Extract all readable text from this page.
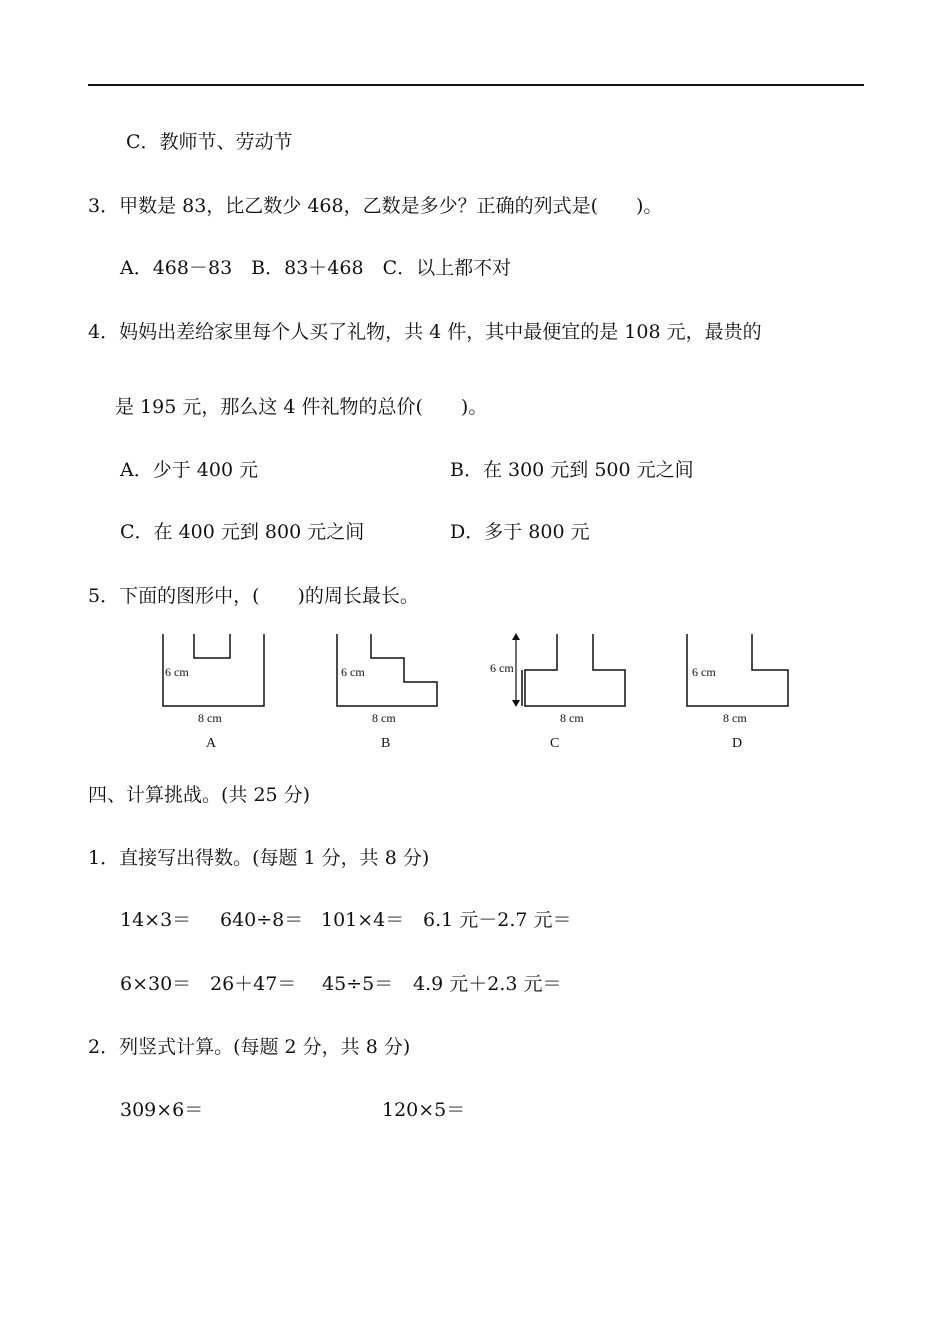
C．教师节、劳动节
3．甲数是 83，比乙数少 468，乙数是多少？正确的列式是(　　)。
A．468－83　B．83＋468　C．以上都不对
4．妈妈出差给家里每个人买了礼物，共 4 件，其中最便宜的是 108 元，最贵的
是 195 元，那么这 4 件礼物的总价(　　)。
A．少于 400 元	B．在 300 元到 500 元之间
C．在 400 元到 800 元之间	D．多于 800 元
5．下面的图形中，(　　)的周长最长。
6 cm
8 cm
A
6 cm
8 cm
B
6 cm
8 cm
C
6 cm
8 cm
D
四、计算挑战。(共 25 分)
1．直接写出得数。(每题 1 分，共 8 分)
14×3＝ 640÷8＝ 101×4＝ 6.1 元－2.7 元＝
6×30＝ 26＋47＝ 45÷5＝ 4.9 元＋2.3 元＝
2．列竖式计算。(每题 2 分，共 8 分)
309×6＝	120×5＝
